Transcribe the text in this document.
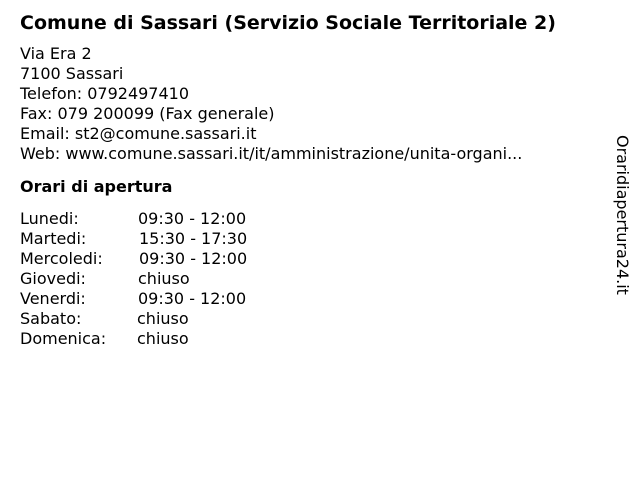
Comune di Sassari (Servizio Sociale Territoriale 2)
Via Era 2
7100 Sassari
Telefon: 0792497410
Fax: 079 200099 (Fax generale)
Email: st2@comune.sassari.it
Web: www.comune.sassari.it/it/amministrazione/unita-organi...
Orari di apertura
Lunedi:	09:30 - 12:00
Martedi:	15:30 - 17:30
Mercoledi: 09:30 - 12:00
Giovedi:	chiuso
Venerdi:	09:30 - 12:00
Sabato:	chiuso
Domenica: chiuso
Oraridiapertura24.it
